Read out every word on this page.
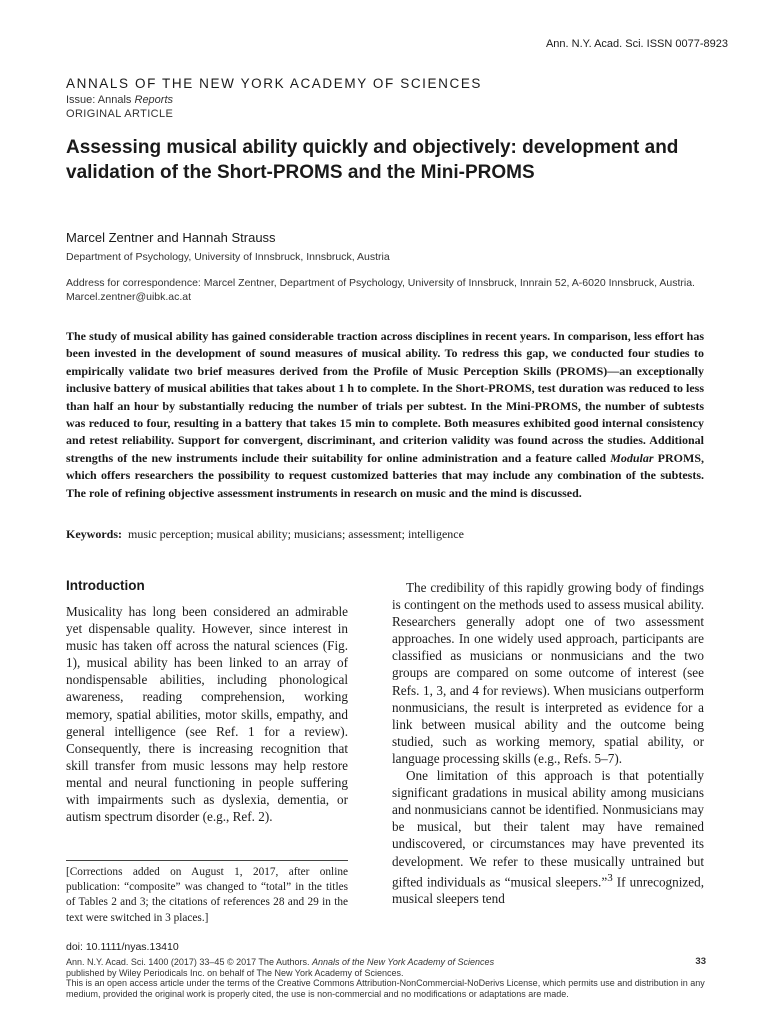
Ann. N.Y. Acad. Sci. ISSN 0077-8923
ANNALS OF THE NEW YORK ACADEMY OF SCIENCES
Issue: Annals Reports
ORIGINAL ARTICLE
Assessing musical ability quickly and objectively: development and validation of the Short-PROMS and the Mini-PROMS
Marcel Zentner and Hannah Strauss
Department of Psychology, University of Innsbruck, Innsbruck, Austria
Address for correspondence: Marcel Zentner, Department of Psychology, University of Innsbruck, Innrain 52, A-6020 Innsbruck, Austria. Marcel.zentner@uibk.ac.at

The study of musical ability has gained considerable traction across disciplines in recent years. In comparison, less effort has been invested in the development of sound measures of musical ability. To redress this gap, we conducted four studies to empirically validate two brief measures derived from the Profile of Music Perception Skills (PROMS)—an exceptionally inclusive battery of musical abilities that takes about 1 h to complete. In the Short-PROMS, test duration was reduced to less than half an hour by substantially reducing the number of trials per subtest. In the Mini-PROMS, the number of subtests was reduced to four, resulting in a battery that takes 15 min to complete. Both measures exhibited good internal consistency and retest reliability. Support for convergent, discriminant, and criterion validity was found across the studies. Additional strengths of the new instruments include their suitability for online administration and a feature called Modular PROMS, which offers researchers the possibility to request customized batteries that may include any combination of the subtests. The role of refining objective assessment instruments in research on music and the mind is discussed.

Keywords: music perception; musical ability; musicians; assessment; intelligence
Introduction

Musicality has long been considered an admirable yet dispensable quality. However, since interest in music has taken off across the natural sciences (Fig. 1), musical ability has been linked to an array of nondispensable abilities, including phonological awareness, reading comprehension, working memory, spatial abilities, motor skills, empathy, and general intelligence (see Ref. 1 for a review). Consequently, there is increasing recognition that skill transfer from music lessons may help restore mental and neural functioning in people suffering with impairments such as dyslexia, dementia, or autism spectrum disorder (e.g., Ref. 2).

The credibility of this rapidly growing body of findings is contingent on the methods used to assess musical ability. Researchers generally adopt one of two assessment approaches. In one widely used approach, participants are classified as musicians or nonmusicians and the two groups are compared on some outcome of interest (see Refs. 1, 3, and 4 for reviews). When musicians outperform nonmusicians, the result is interpreted as evidence for a link between musical ability and the outcome being studied, such as working memory, spatial ability, or language processing skills (e.g., Refs. 5–7).

One limitation of this approach is that potentially significant gradations in musical ability among musicians and nonmusicians cannot be identified. Nonmusicians may be musical, but their talent may have remained undiscovered, or circumstances may have prevented its development. We refer to these musically untrained but gifted individuals as “musical sleepers.”$^3$ If unrecognized, musical sleepers tend

[Corrections added on August 1, 2017, after online publication: “composite” was changed to “total” in the titles of Tables 2 and 3; the citations of references 28 and 29 in the text were switched in 3 places.]

doi: 10.1111/nyas.13410
Ann. N.Y. Acad. Sci. 1400 (2017) 33–45 © 2017 The Authors. Annals of the New York Academy of Sciences	33
published by Wiley Periodicals Inc. on behalf of The New York Academy of Sciences.
This is an open access article under the terms of the Creative Commons Attribution-NonCommercial-NoDerivs License, which permits use and distribution in any medium, provided the original work is properly cited, the use is non-commercial and no modifications or adaptations are made.
